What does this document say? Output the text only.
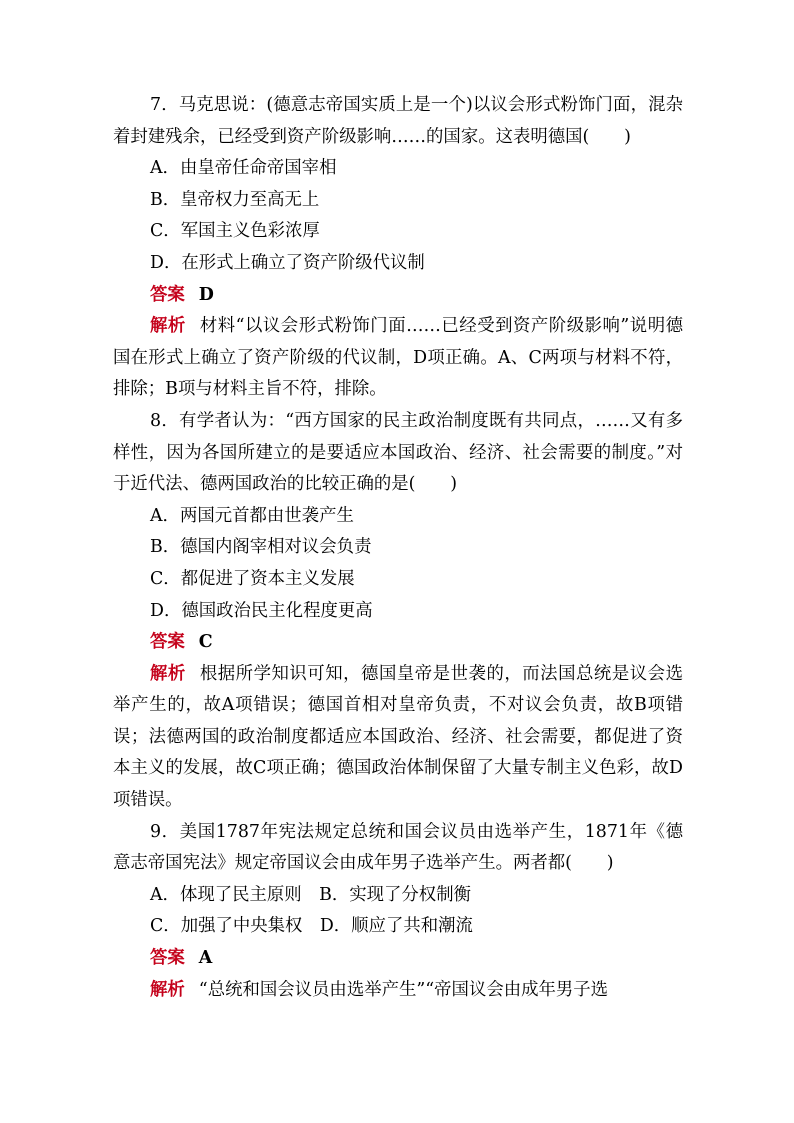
7．马克思说：(德意志帝国实质上是一个)以议会形式粉饰门面，混杂着封建残余，已经受到资产阶级影响……的国家。这表明德国(　　)

A．由皇帝任命帝国宰相

B．皇帝权力至高无上

C．军国主义色彩浓厚

D．在形式上确立了资产阶级代议制

答案 D

解析 材料“以议会形式粉饰门面……已经受到资产阶级影响”说明德国在形式上确立了资产阶级的代议制，D项正确。A、C两项与材料不符，排除；B项与材料主旨不符，排除。

8．有学者认为：“西方国家的民主政治制度既有共同点，……又有多样性，因为各国所建立的是要适应本国政治、经济、社会需要的制度。”对于近代法、德两国政治的比较正确的是(　　)

A．两国元首都由世袭产生

B．德国内阁宰相对议会负责

C．都促进了资本主义发展

D．德国政治民主化程度更高

答案 C

解析 根据所学知识可知，德国皇帝是世袭的，而法国总统是议会选举产生的，故A项错误；德国首相对皇帝负责，不对议会负责，故B项错误；法德两国的政治制度都适应本国政治、经济、社会需要，都促进了资本主义的发展，故C项正确；德国政治体制保留了大量专制主义色彩，故D项错误。

9．美国1787年宪法规定总统和国会议员由选举产生，1871年《德意志帝国宪法》规定帝国议会由成年男子选举产生。两者都(　　)

A．体现了民主原则　B．实现了分权制衡

C．加强了中央集权　D．顺应了共和潮流

答案 A

解析 “总统和国会议员由选举产生”“帝国议会由成年男子选
